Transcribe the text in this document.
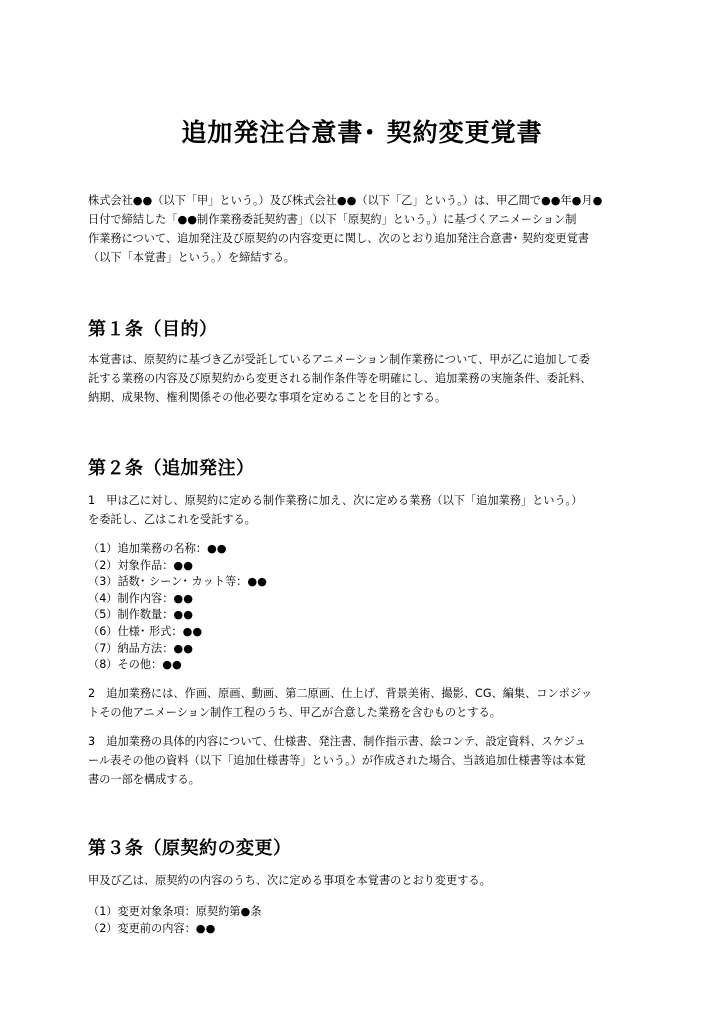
追加発注合意書･ 契約変更覚書

株式会社●●（以下「甲」という。）及び株式会社●●（以下「乙」という。）は、甲乙間で●●年●月●
日付で締結した「●●制作業務委託契約書」（以下「原契約」という。）に基づくアニメーション制
作業務について、追加発注及び原契約の内容変更に関し、次のとおり追加発注合意書･ 契約変更覚書
（以下「本覚書」という。）を締結する。

第１条（目的）

本覚書は、原契約に基づき乙が受託しているアニメーション制作業務について、甲が乙に追加して委
託する業務の内容及び原契約から変更される制作条件等を明確にし、追加業務の実施条件、委託料、
納期、成果物、権利関係その他必要な事項を定めることを目的とする。

第２条（追加発注）

1　甲は乙に対し、原契約に定める制作業務に加え、次に定める業務（以下「追加業務」という。）
を委託し、乙はこれを受託する。

（1）追加業務の名称：●●
（2）対象作品：●●
（3）話数･ シーン･ カット等：●●
（4）制作内容：●●
（5）制作数量：●●
（6）仕様･ 形式：●●
（7）納品方法：●●
（8）その他：●●

2　追加業務には、作画、原画、動画、第二原画、仕上げ、背景美術、撮影、CG、編集、コンポジッ
トその他アニメーション制作工程のうち、甲乙が合意した業務を含むものとする。

3　追加業務の具体的内容について、仕様書、発注書、制作指示書、絵コンテ、設定資料、スケジュ
ール表その他の資料（以下「追加仕様書等」という。）が作成された場合、当該追加仕様書等は本覚
書の一部を構成する。

第３条（原契約の変更）

甲及び乙は、原契約の内容のうち、次に定める事項を本覚書のとおり変更する。

（1）変更対象条項：原契約第●条
（2）変更前の内容：●●
